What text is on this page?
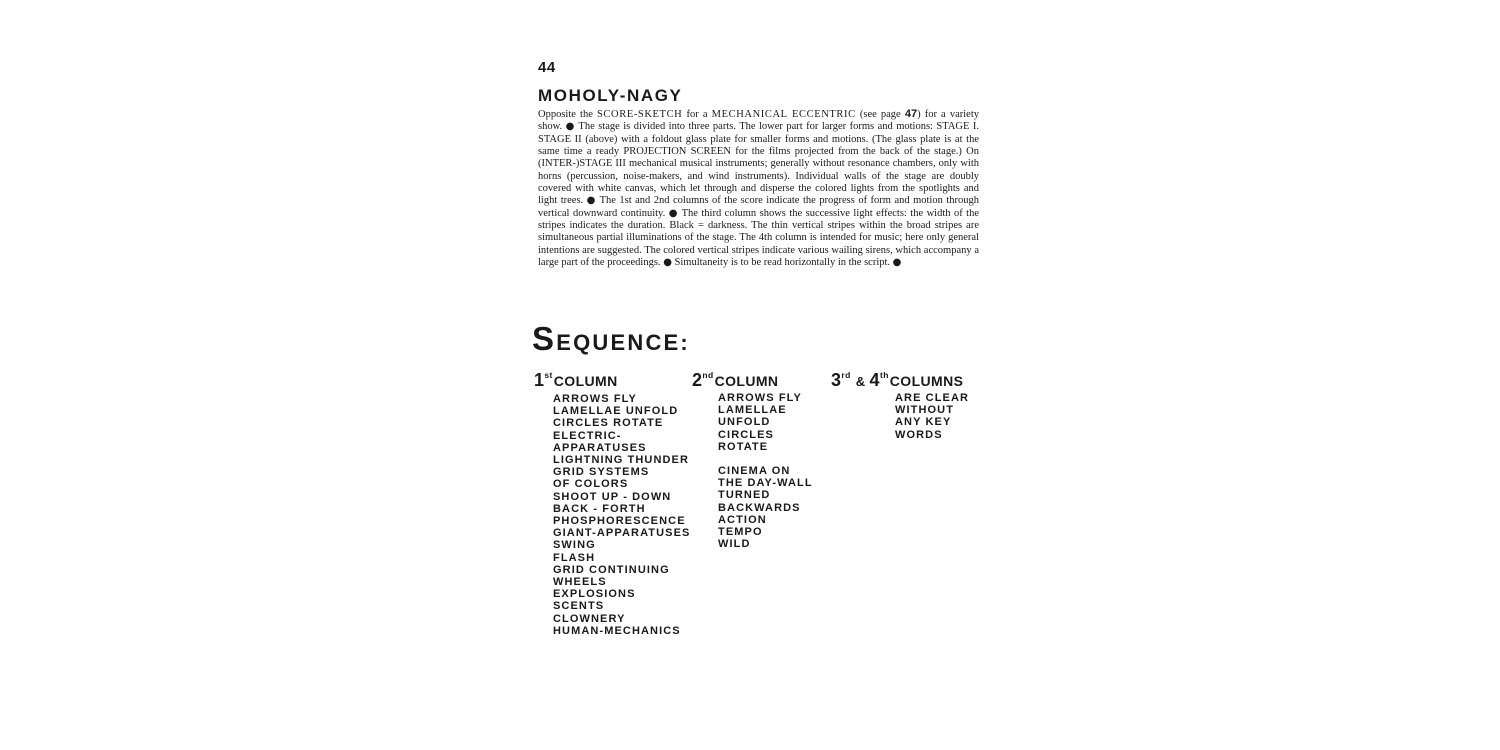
44
MOHOLY-NAGY
Opposite the SCORE-SKETCH for a MECHANICAL ECCENTRIC (see page 47) for a variety show. ● The stage is divided into three parts. The lower part for larger forms and motions: STAGE I. STAGE II (above) with a foldout glass plate for smaller forms and motions. (The glass plate is at the same time a ready PROJECTION SCREEN for the films projected from the back of the stage.) On (INTER-)STAGE III mechanical musical instruments; generally without resonance chambers, only with horns (percussion, noise-makers, and wind instruments). Individual walls of the stage are doubly covered with white canvas, which let through and disperse the colored lights from the spotlights and light trees. ● The 1st and 2nd columns of the score indicate the progress of form and motion through vertical downward continuity. ● The third column shows the successive light effects: the width of the stripes indicates the duration. Black = darkness. The thin vertical stripes within the broad stripes are simultaneous partial illuminations of the stage. The 4th column is intended for music; here only general intentions are suggested. The colored vertical stripes indicate various wailing sirens, which accompany a large part of the proceedings. ● Simultaneity is to be read horizontally in the script. ●
SEQUENCE:
1stCOLUMN
ARROWS FLY
LAMELLAE UNFOLD
CIRCLES ROTATE
ELECTRIC-
APPARATUSES
LIGHTNING THUNDER
GRID SYSTEMS
OF COLORS
SHOOT UP - DOWN
BACK - FORTH
PHOSPHORESCENCE
GIANT-APPARATUSES
SWING
FLASH
GRID CONTINUING
WHEELS
EXPLOSIONS
SCENTS
CLOWNERY
HUMAN-MECHANICS
2ndCOLUMN
ARROWS FLY
LAMELLAE
UNFOLD
CIRCLES
ROTATE
CINEMA ON
THE DAY-WALL
TURNED
BACKWARDS
ACTION
TEMPO
WILD
3rd & 4thCOLUMNS
ARE CLEAR
WITHOUT
ANY KEY
WORDS
